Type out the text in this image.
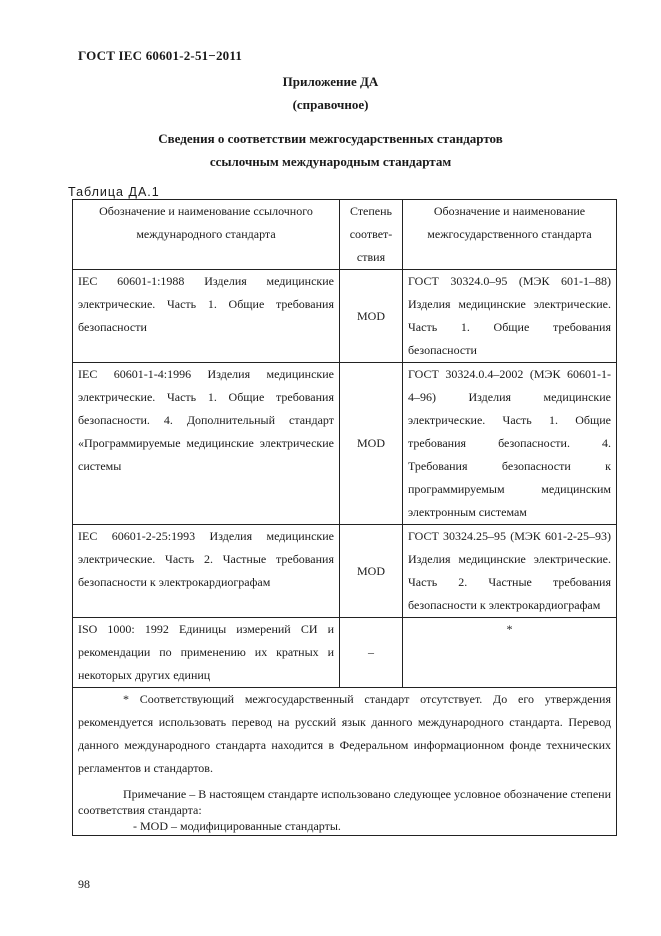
ГОСТ IEC 60601-2-51−2011
Приложение ДА
(справочное)
Сведения о соответствии межгосударственных стандартов
ссылочным международным стандартам
Таблица ДА.1
Обозначение и наименование ссылочного международного стандарта	Степень соответ-ствия	Обозначение и наименование межгосударственного стандарта
IEC 60601-1:1988 Изделия медицинские электрические. Часть 1. Общие требования безопасности	MOD	ГОСТ 30324.0–95 (МЭК 601-1–88) Изделия медицинские электрические. Часть 1. Общие требования безопасности
IEC 60601-1-4:1996 Изделия медицинские электрические. Часть 1. Общие требования безопасности. 4. Дополнительный стандарт «Программируемые медицинские электрические системы	MOD	ГОСТ 30324.0.4–2002 (МЭК 60601-1-4–96) Изделия медицинские электрические. Часть 1. Общие требования безопасности. 4. Требования безопасности к программируемым медицинским электронным системам
IEC 60601-2-25:1993 Изделия медицинские электрические. Часть 2. Частные требования безопасности к электрокардиографам	MOD	ГОСТ 30324.25–95 (МЭК 601-2-25–93) Изделия медицинские электрические. Часть 2. Частные требования безопасности к электрокардиографам
ISO 1000: 1992 Единицы измерений СИ и рекомендации по применению их кратных и некоторых других единиц	–	*

* Соответствующий межгосударственный стандарт отсутствует. До его утверждения рекомендуется использовать перевод на русский язык данного международного стандарта. Перевод данного международного стандарта находится в Федеральном информационном фонде технических регламентов и стандартов.

Примечание – В настоящем стандарте использовано следующее условное обозначение степени соответствия стандарта:

- MOD – модифицированные стандарты.		

98
